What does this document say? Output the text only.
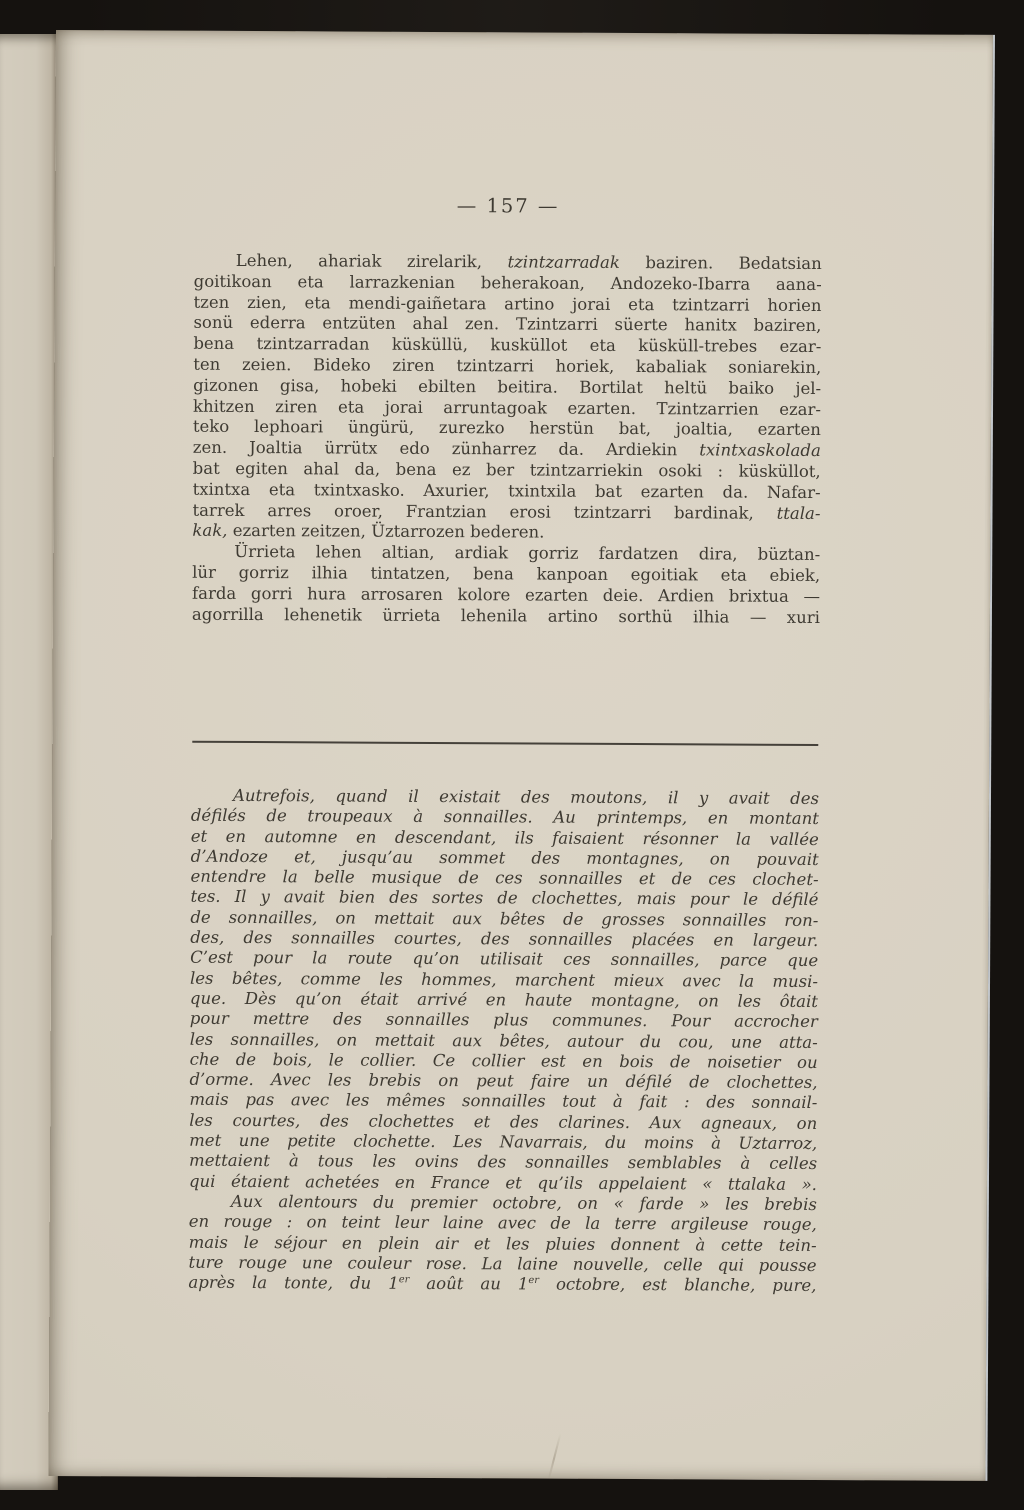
— 157 —
Lehen, ahariak zirelarik, tzintzarradak baziren. Bedatsian
goitikoan eta larrazkenian beherakoan, Andozeko-Ibarra aana-
tzen zien, eta mendi-gaiñetara artino jorai eta tzintzarri horien
sonü ederra entzüten ahal zen. Tzintzarri süerte hanitx baziren,
bena tzintzarradan küsküllü, kusküllot eta küsküll-trebes ezar-
ten zeien. Bideko ziren tzintzarri horiek, kabaliak soniarekin,
gizonen gisa, hobeki ebilten beitira. Bortilat heltü baiko jel-
khitzen ziren eta jorai arruntagoak ezarten. Tzintzarrien ezar-
teko lephoari üngürü, zurezko herstün bat, joaltia, ezarten
zen. Joaltia ürrütx edo zünharrez da. Ardiekin txintxaskolada
bat egiten ahal da, bena ez ber tzintzarriekin osoki : küsküllot,
txintxa eta txintxasko. Axurier, txintxila bat ezarten da. Nafar-
tarrek arres oroer, Frantzian erosi tzintzarri bardinak, ttala-
kak, ezarten zeitzen, Üztarrozen bederen.
Ürrieta lehen altian, ardiak gorriz fardatzen dira, büztan-
lür gorriz ilhia tintatzen, bena kanpoan egoitiak eta ebiek,
farda gorri hura arrosaren kolore ezarten deie. Ardien brixtua —
agorrilla lehenetik ürrieta lehenila artino sorthü ilhia — xuri
Autrefois, quand il existait des moutons, il y avait des
défilés de troupeaux à sonnailles. Au printemps, en montant
et en automne en descendant, ils faisaient résonner la vallée
d’Andoze et, jusqu’au sommet des montagnes, on pouvait
entendre la belle musique de ces sonnailles et de ces clochet-
tes. Il y avait bien des sortes de clochettes, mais pour le défilé
de sonnailles, on mettait aux bêtes de grosses sonnailles ron-
des, des sonnailles courtes, des sonnailles placées en largeur.
C’est pour la route qu’on utilisait ces sonnailles, parce que
les bêtes, comme les hommes, marchent mieux avec la musi-
que. Dès qu’on était arrivé en haute montagne, on les ôtait
pour mettre des sonnailles plus communes. Pour accrocher
les sonnailles, on mettait aux bêtes, autour du cou, une atta-
che de bois, le collier. Ce collier est en bois de noisetier ou
d’orme. Avec les brebis on peut faire un défilé de clochettes,
mais pas avec les mêmes sonnailles tout à fait : des sonnail-
les courtes, des clochettes et des clarines. Aux agneaux, on
met une petite clochette. Les Navarrais, du moins à Uztarroz,
mettaient à tous les ovins des sonnailles semblables à celles
qui étaient achetées en France et qu’ils appelaient « ttalaka ».
Aux alentours du premier octobre, on « farde » les brebis
en rouge : on teint leur laine avec de la terre argileuse rouge,
mais le séjour en plein air et les pluies donnent à cette tein-
ture rouge une couleur rose. La laine nouvelle, celle qui pousse
après la tonte, du 1er août au 1er octobre, est blanche, pure,
